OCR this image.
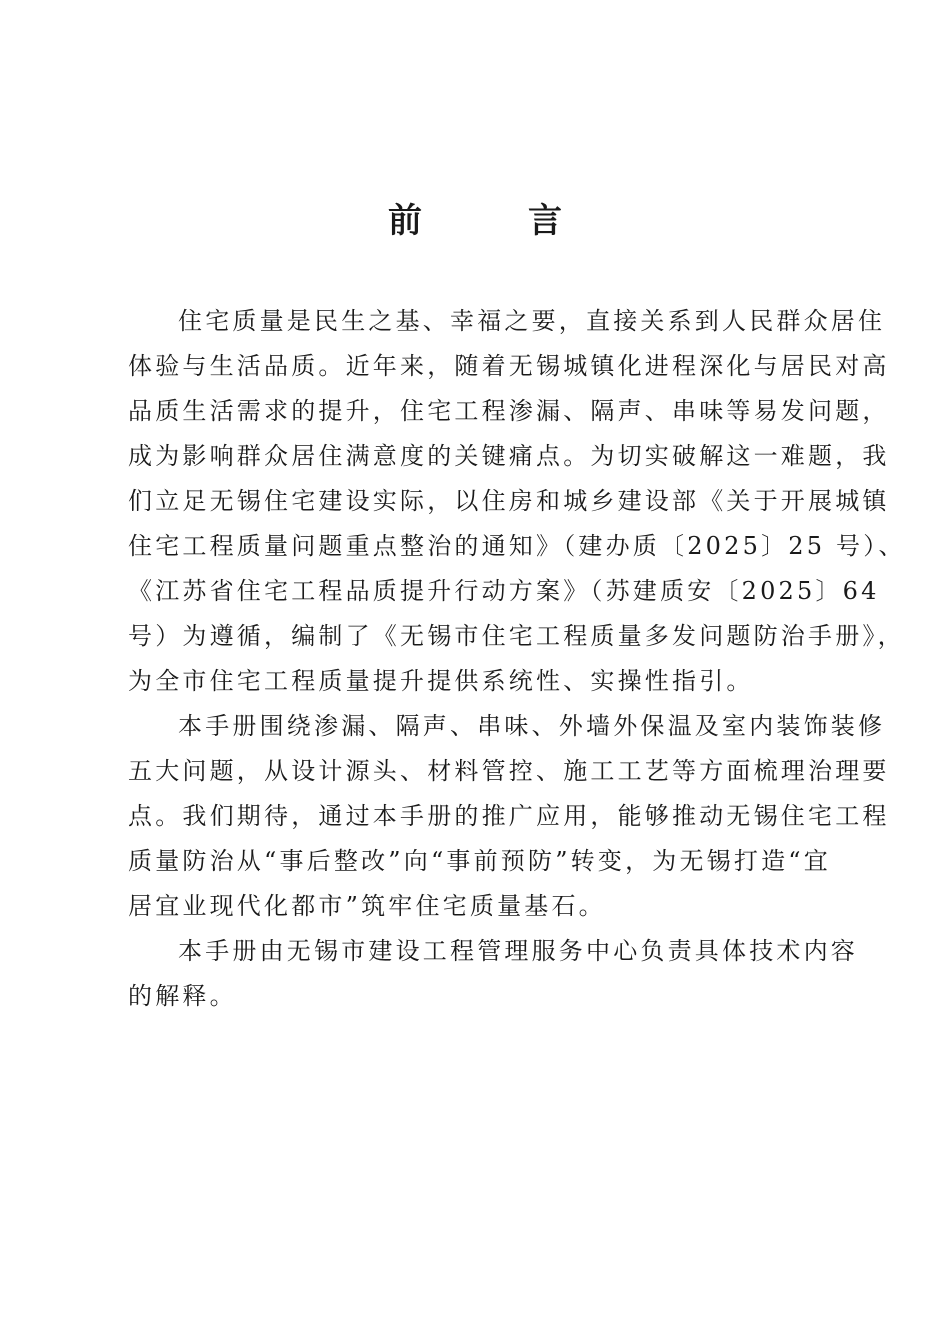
前　言
住宅质量是民生之基、幸福之要，直接关系到人民群众居住
体验与生活品质。近年来，随着无锡城镇化进程深化与居民对高
品质生活需求的提升，住宅工程渗漏、隔声、串味等易发问题，
成为影响群众居住满意度的关键痛点。为切实破解这一难题，我
们立足无锡住宅建设实际，以住房和城乡建设部《关于开展城镇
住宅工程质量问题重点整治的通知》（建办质〔2025〕25 号）、
《江苏省住宅工程品质提升行动方案》（苏建质安〔2025〕64
号）为遵循，编制了《无锡市住宅工程质量多发问题防治手册》，
为全市住宅工程质量提升提供系统性、实操性指引。
本手册围绕渗漏、隔声、串味、外墙外保温及室内装饰装修
五大问题，从设计源头、材料管控、施工工艺等方面梳理治理要
点。我们期待，通过本手册的推广应用，能够推动无锡住宅工程
质量防治从“事后整改”向“事前预防”转变，为无锡打造“宜
居宜业现代化都市”筑牢住宅质量基石。
本手册由无锡市建设工程管理服务中心负责具体技术内容
的解释。
